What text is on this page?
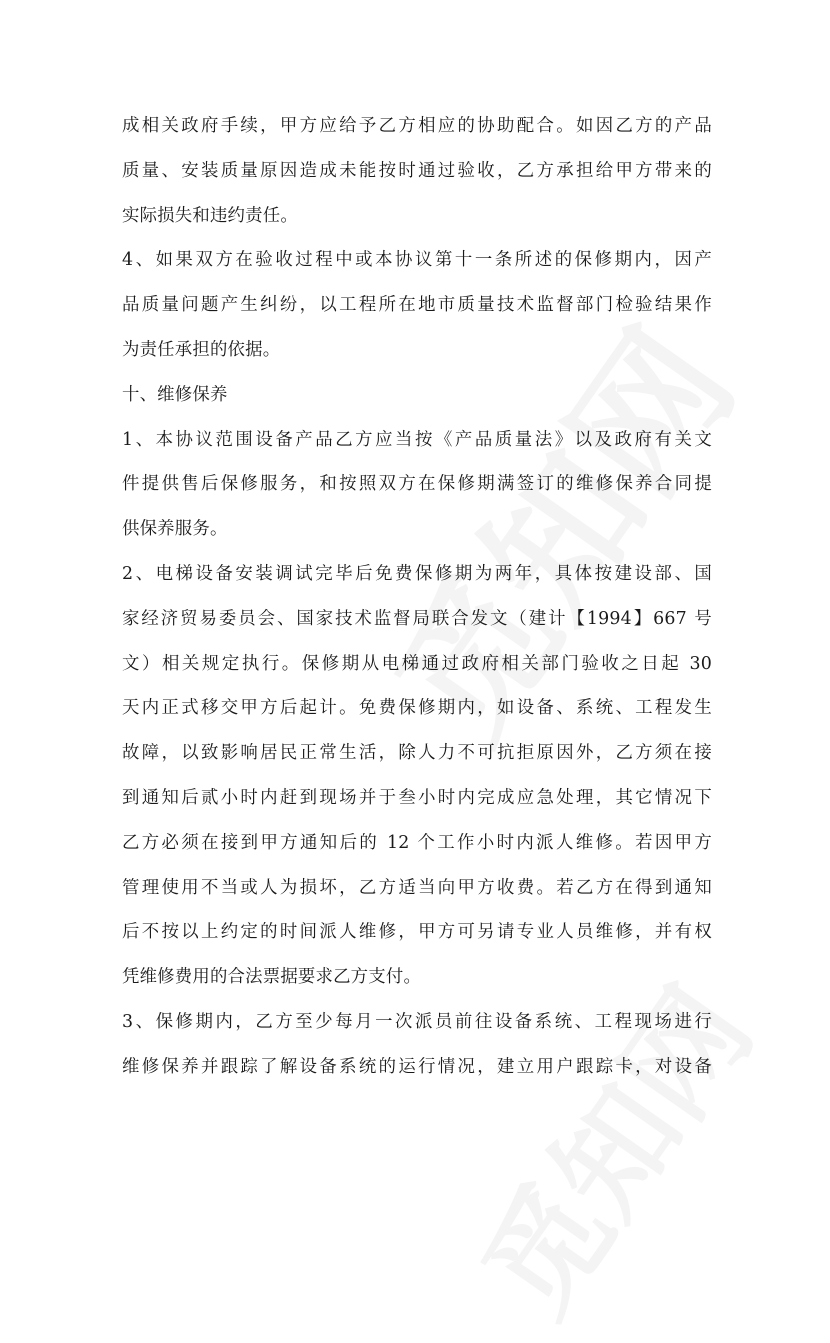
成相关政府手续，甲方应给予乙方相应的协助配合。如因乙方的产品
质量、安装质量原因造成未能按时通过验收，乙方承担给甲方带来的
实际损失和违约责任。
4、如果双方在验收过程中或本协议第十一条所述的保修期内，因产
品质量问题产生纠纷，以工程所在地市质量技术监督部门检验结果作
为责任承担的依据。
十、维修保养
1、本协议范围设备产品乙方应当按《产品质量法》以及政府有关文
件提供售后保修服务，和按照双方在保修期满签订的维修保养合同提
供保养服务。
2、电梯设备安装调试完毕后免费保修期为两年，具体按建设部、国
家经济贸易委员会、国家技术监督局联合发文（建计【1994】667 号
文）相关规定执行。保修期从电梯通过政府相关部门验收之日起 30
天内正式移交甲方后起计。免费保修期内，如设备、系统、工程发生
故障，以致影响居民正常生活，除人力不可抗拒原因外，乙方须在接
到通知后贰小时内赶到现场并于叁小时内完成应急处理，其它情况下
乙方必须在接到甲方通知后的 12 个工作小时内派人维修。若因甲方
管理使用不当或人为损坏，乙方适当向甲方收费。若乙方在得到通知
后不按以上约定的时间派人维修，甲方可另请专业人员维修，并有权
凭维修费用的合法票据要求乙方支付。
3、保修期内，乙方至少每月一次派员前往设备系统、工程现场进行
维修保养并跟踪了解设备系统的运行情况，建立用户跟踪卡，对设备
